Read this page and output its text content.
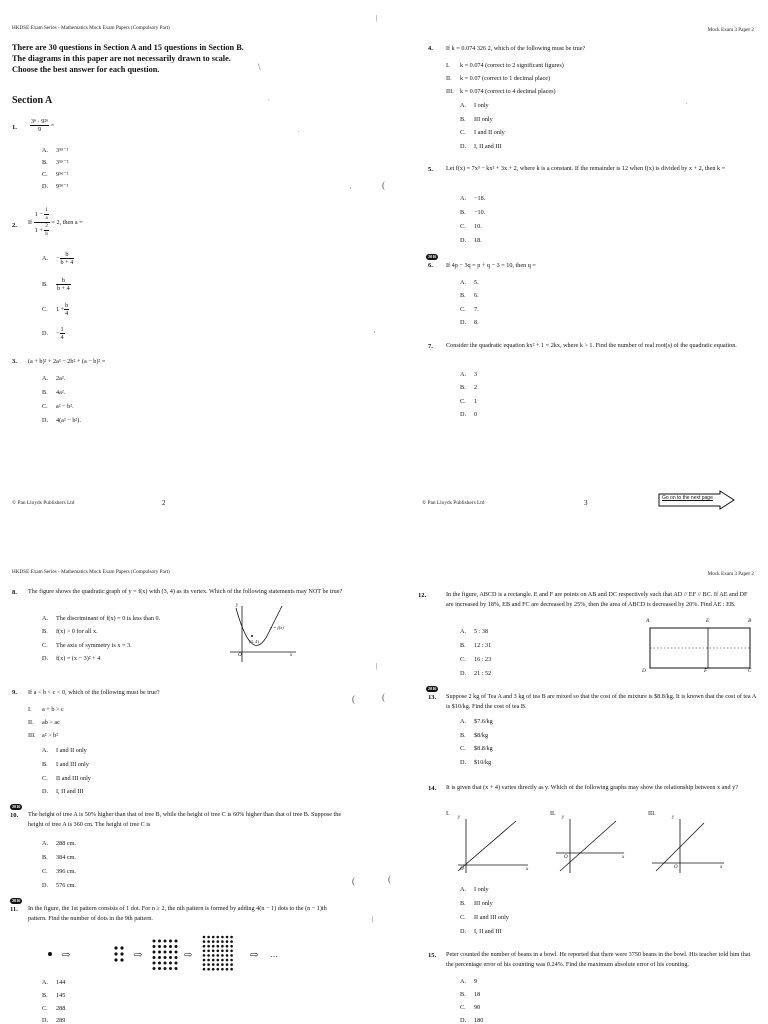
HKDSE Exam Series - Mathematics Mock Exam Papers (Compulsory Part)
There are 30 questions in Section A and 15 questions in Section B.
The diagrams in this paper are not necessarily drawn to scale.
Choose the best answer for each question.
Section A
1. $\frac{\text{3ⁿ · 9²ⁿ}}{9}$ =
A. 3⁵ⁿ⁻¹
B. 3⁵ⁿ⁻²
C. 9⁵ⁿ⁻²
D. 9⁵ⁿ⁻¹
2. If $\frac{1 - \frac{1}{a}}{1 + \frac{2}{b}} = 2$, then a =
A. − $\frac{b}{b + 4}$
B. $\frac{b}{b + 4}$
C. $1 + \frac{b}{4}$
D. − $\frac{1}{4}$
3. (a + b)² + 2a² − 2b² + (a − b)² =
A. 2a².
B. 4a².
C. a² − b².
D. 4(a² − b²).
\
.
.
'
© Pan Lloyds Publishers Ltd	2
Mock Exam 3 Paper 2
(
|
'
4. If k = 0.074 326 2, which of the following must be true?
I. k = 0.074 (correct to 2 significant figures)
II. k = 0.07 (correct to 1 decimal place)
III. k = 0.074 (correct to 4 decimal places)
A. I only
B. III only
C. I and II only
D. I, II and III
.
5. Let f(x) = 7x³ − kx² + 3x + 2, where k is a constant. If the remainder is 12 when f(x) is divided by x + 2, then k =
A. −18.
B. −10.
C. 10.
D. 18.
2016
6. If 4p − 3q = p + q − 3 = 10, then q =
A. 5.
B. 6.
C. 7.
D. 8.
7. Consider the quadratic equation kx² + 1 = 2kx, where k > 1. Find the number of real root(s) of the quadratic equation.
A. 3
B. 2
C. 1
D. 0
© Pan Lloyds Publishers Ltd	3
Go on to the next page
HKDSE Exam Series - Mathematics Mock Exam Papers (Compulsory Part)
8. The figure shows the quadratic graph of y = f(x) with (3, 4) as its vertex. Which of the following statements may NOT be true?
A. The discriminant of f(x) = 0 is less than 0.
B. f(x) > 0 for all x.
C. The axis of symmetry is x = 3.
D. f(x) = (x − 3)² + 4
y
x
O
y = f(x)
(3, 4)
9. If a < b < c < 0, which of the following must be true?
I. a + b > c
II. ab > ac
III. a² > b²
A. I and II only
B. I and III only
C. II and III only
D. I, II and III
2016
10. The height of tree A is 50% higher than that of tree B, while the height of tree C is 60% higher than that of tree B. Suppose the height of tree A is 360 cm. The height of tree C is
A. 288 cm.
B. 384 cm.
C. 396 cm.
D. 576 cm.
2016
11. In the figure, the 1st pattern consists of 1 dot. For n ≥ 2, the nth pattern is formed by adding 4(n − 1) dots to the (n − 1)th pattern. Find the number of dots in the 9th pattern.
⇨	⇨	⇨	⇨ …
A. 144
B. 145
C. 288
D. 289
(
(
|
Mock Exam 3 Paper 2
(
(
|
12.	In the figure, ABCD is a rectangle. E and F are points on AB and DC respectively such that AD // EF // BC. If AE and DF are increased by 18%, EB and FC are decreased by 25%, then the area of ABCD is decreased by 20%. Find AE : EB.
A. 5 : 38
B. 12 : 31
C. 16 : 23
D. 21 : 52
A	E	B
D	F	C
2016
13. Suppose 2 kg of Tea A and 3 kg of tea B are mixed so that the cost of the mixture is $8.8/kg. It is known that the cost of tea A is $10/kg. Find the cost of tea B.
A. $7.6/kg
B. $8/kg
C. $8.8/kg
D. $10/kg
14. It is given that (x + 4) varies directly as y. Which of the following graphs may show the relationship between x and y?
I.	II.	III.
y
x
O
y
x
O
y
x
O
A. I only
B. III only
C. II and III only
D. I, II and III
15. Peter counted the number of beans in a bowl. He reported that there were 3750 beans in the bowl. His teacher told him that the percentage error of his counting was 0.24%. Find the maximum absolute error of his counting.
A. 9
B. 18
C. 90
D. 180
